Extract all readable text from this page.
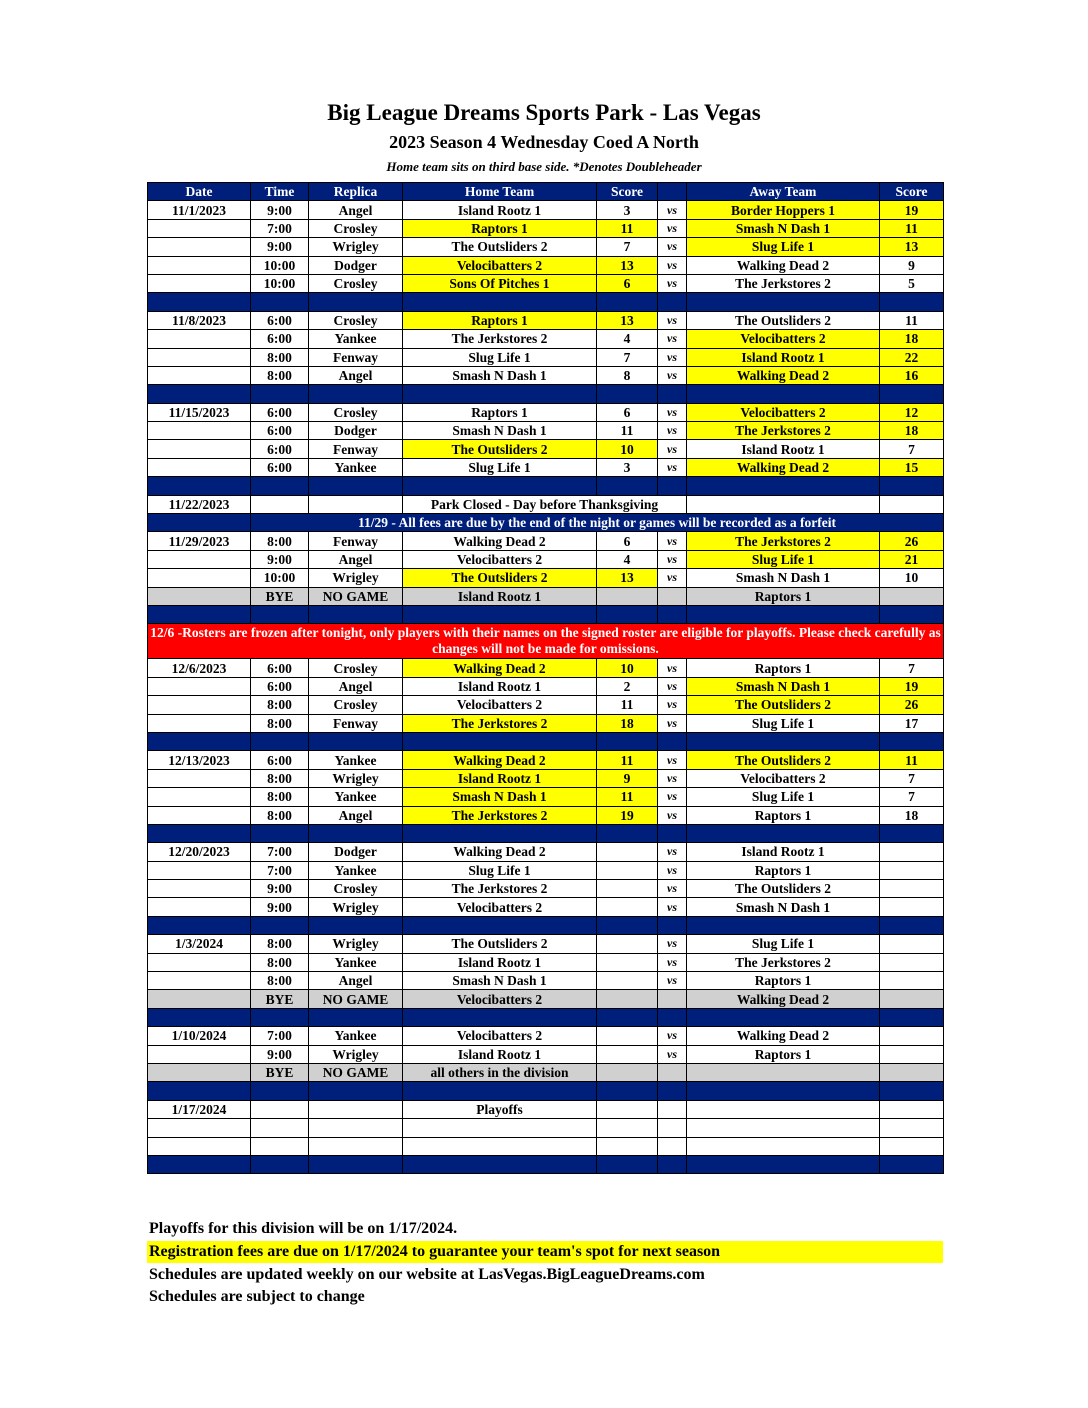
Big League Dreams Sports Park - Las Vegas
2023 Season 4 Wednesday Coed A North
Home team sits on third base side. *Denotes Doubleheader
Date	Time	Replica	Home Team	Score		Away Team	Score	
11/1/2023	9:00	Angel	Island Rootz 1	3	vs	Border Hoppers 1	19	
	7:00	Crosley	Raptors 1	11	vs	Smash N Dash 1	11	
	9:00	Wrigley	The Outsliders 2	7	vs	Slug Life 1	13	
	10:00	Dodger	Velocibatters 2	13	vs	Walking Dead 2	9	
	10:00	Crosley	Sons Of Pitches 1	6	vs	The Jerkstores 2	5	

11/8/2023	6:00	Crosley	Raptors 1	13	vs	The Outsliders 2	11	
	6:00	Yankee	The Jerkstores 2	4	vs	Velocibatters 2	18	
	8:00	Fenway	Slug Life 1	7	vs	Island Rootz 1	22	
	8:00	Angel	Smash N Dash 1	8	vs	Walking Dead 2	16	

11/15/2023	6:00	Crosley	Raptors 1	6	vs	Velocibatters 2	12	
	6:00	Dodger	Smash N Dash 1	11	vs	The Jerkstores 2	18	
	6:00	Fenway	The Outsliders 2	10	vs	Island Rootz 1	7	
	6:00	Yankee	Slug Life 1	3	vs	Walking Dead 2	15	

11/22/2023			Park Closed - Day before Thanksgiving					
	11/29 - All fees are due by the end of the night or games will be recorded as a forfeit							
11/29/2023	8:00	Fenway	Walking Dead 2	6	vs	The Jerkstores 2	26	
	9:00	Angel	Velocibatters 2	4	vs	Slug Life 1	21	
	10:00	Wrigley	The Outsliders 2	13	vs	Smash N Dash 1	10	
	BYE	NO GAME	Island Rootz 1			Raptors 1		

12/6 -Rosters are frozen after tonight, only players with their names on the signed roster are eligible for playoffs. Please check carefully as changes will not be made for omissions.								
12/6/2023	6:00	Crosley	Walking Dead 2	10	vs	Raptors 1	7	
	6:00	Angel	Island Rootz 1	2	vs	Smash N Dash 1	19	
	8:00	Crosley	Velocibatters 2	11	vs	The Outsliders 2	26	
	8:00	Fenway	The Jerkstores 2	18	vs	Slug Life 1	17	

12/13/2023	6:00	Yankee	Walking Dead 2	11	vs	The Outsliders 2	11	
	8:00	Wrigley	Island Rootz 1	9	vs	Velocibatters 2	7	
	8:00	Yankee	Smash N Dash 1	11	vs	Slug Life 1	7	
	8:00	Angel	The Jerkstores 2	19	vs	Raptors 1	18	

12/20/2023	7:00	Dodger	Walking Dead 2		vs	Island Rootz 1		
	7:00	Yankee	Slug Life 1		vs	Raptors 1		
	9:00	Crosley	The Jerkstores 2		vs	The Outsliders 2		
	9:00	Wrigley	Velocibatters 2		vs	Smash N Dash 1		

1/3/2024	8:00	Wrigley	The Outsliders 2		vs	Slug Life 1		
	8:00	Yankee	Island Rootz 1		vs	The Jerkstores 2		
	8:00	Angel	Smash N Dash 1		vs	Raptors 1		
	BYE	NO GAME	Velocibatters 2			Walking Dead 2		

1/10/2024	7:00	Yankee	Velocibatters 2		vs	Walking Dead 2		
	9:00	Wrigley	Island Rootz 1		vs	Raptors 1		
	BYE	NO GAME	all others in the division					

1/17/2024			Playoffs					

Playoffs for this division will be on 1/17/2024.
Registration fees are due on 1/17/2024 to guarantee your team's spot for next season
Schedules are updated weekly on our website at LasVegas.BigLeagueDreams.com
Schedules are subject to change
